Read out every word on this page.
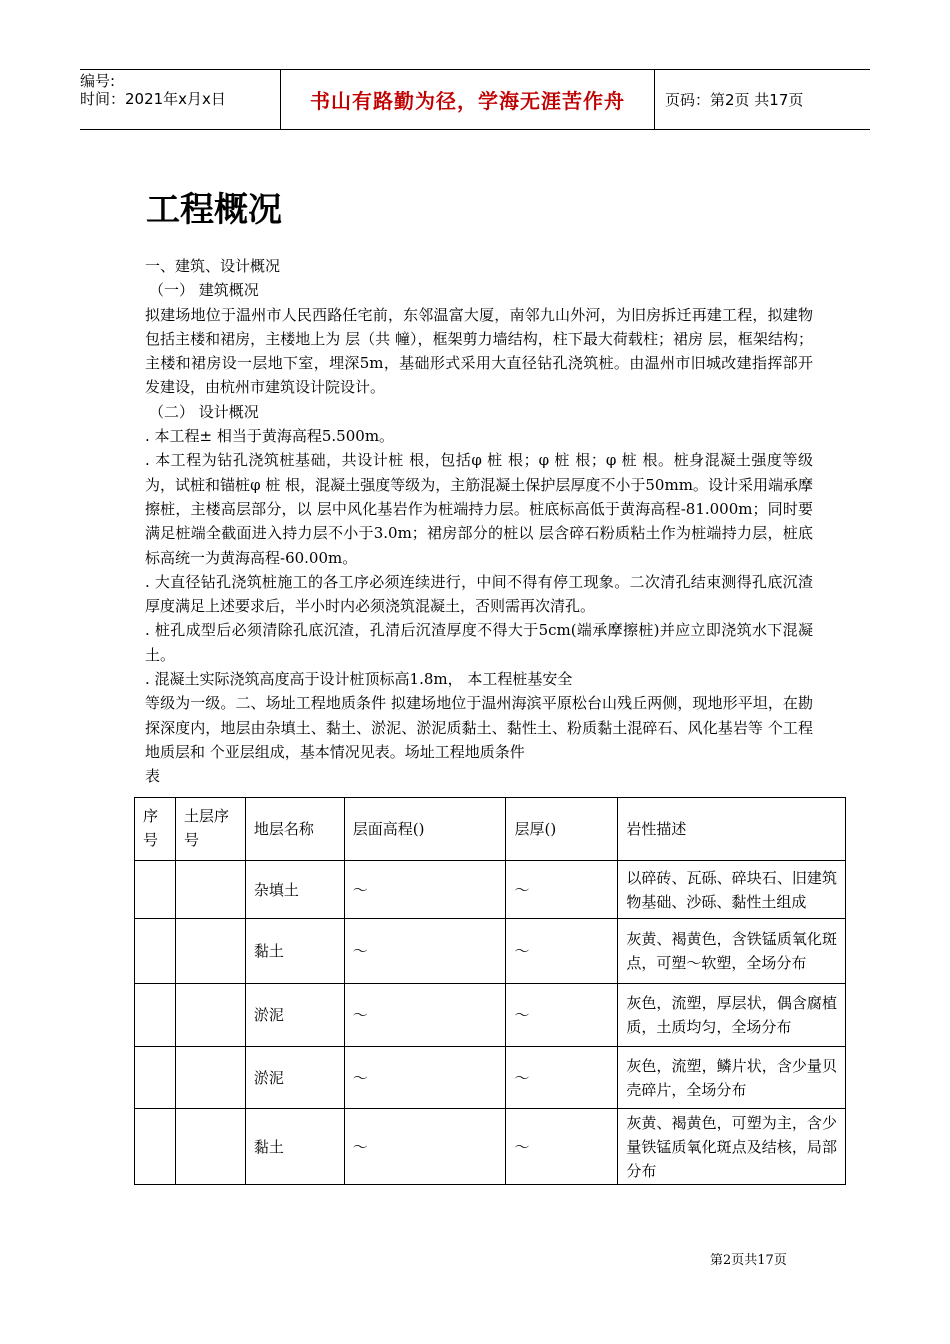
编号:
时间：2021年x月x日	书山有路勤为径，学海无涯苦作舟	页码：第2页 共17页
工程概况

一、建筑、设计概况

（一） 建筑概况

拟建场地位于温州市人民西路任宅前，东邻温富大厦，南邻九山外河，为旧房拆迁再建工程，拟建物包括主楼和裙房，主楼地上为 层（共 幢），框架剪力墙结构，柱下最大荷载柱；裙房 层，框架结构；主楼和裙房设一层地下室，埋深5m，基础形式采用大直径钻孔浇筑桩。由温州市旧城改建指挥部开发建设，由杭州市建筑设计院设计。

（二） 设计概况

. 本工程± 相当于黄海高程5.500m。

. 本工程为钻孔浇筑桩基础，共设计桩 根，包括φ 桩 根；φ 桩 根；φ 桩 根。桩身混凝土强度等级为，试桩和锚桩φ 桩 根，混凝土强度等级为，主筋混凝土保护层厚度不小于50mm。设计采用端承摩擦桩，主楼高层部分，以 层中风化基岩作为桩端持力层。桩底标高低于黄海高程-81.000m；同时要满足桩端全截面进入持力层不小于3.0m；裙房部分的桩以 层含碎石粉质粘土作为桩端持力层，桩底标高统一为黄海高程-60.00m。

. 大直径钻孔浇筑桩施工的各工序必须连续进行，中间不得有停工现象。二次清孔结束测得孔底沉渣厚度满足上述要求后，半小时内必须浇筑混凝土，否则需再次清孔。

. 桩孔成型后必须清除孔底沉渣，孔清后沉渣厚度不得大于5cm(端承摩擦桩)并应立即浇筑水下混凝土。

. 混凝土实际浇筑高度高于设计桩顶标高1.8m， 本工程桩基安全

等级为一级。二、场址工程地质条件 拟建场地位于温州海滨平原松台山残丘两侧，现地形平坦，在勘探深度内，地层由杂填土、黏土、淤泥、淤泥质黏土、黏性土、粉质黏土混碎石、风化基岩等 个工程地质层和 个亚层组成，基本情况见表。场址工程地质条件

表

序号	土层序号	地层名称	层面高程()	层厚()	岩性描述
		杂填土	～	～	以碎砖、瓦砾、碎块石、旧建筑物基础、沙砾、黏性土组成
		黏土	～	～	灰黄、褐黄色，含铁锰质氧化斑点，可塑～软塑，全场分布
		淤泥	～	～	灰色，流塑，厚层状，偶含腐植质，土质均匀，全场分布
		淤泥	～	～	灰色，流塑，鳞片状，含少量贝壳碎片，全场分布
		黏土	～	～	灰黄、褐黄色，可塑为主，含少量铁锰质氧化斑点及结核，局部分布
第2页共17页
